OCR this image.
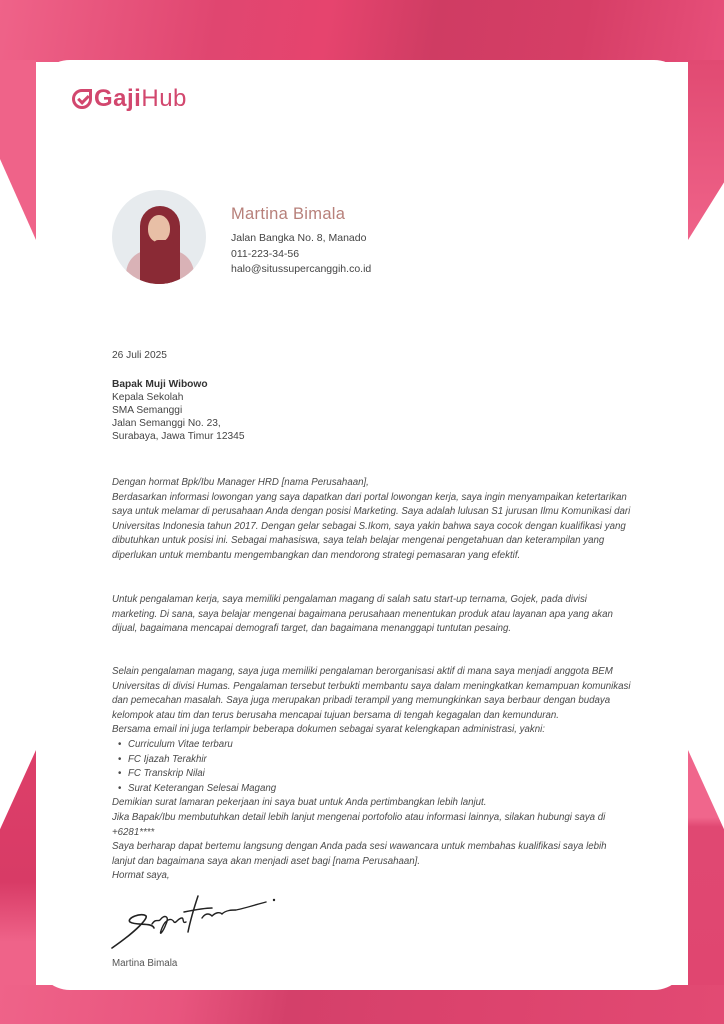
Gaji Hub
Martina Bimala
Jalan Bangka No. 8, Manado
011-223-34-56
halo@situssupercanggih.co.id
26 Juli 2025
Bapak Muji Wibowo
Kepala Sekolah
SMA Semanggi
Jalan Semanggi No. 23,
Surabaya, Jawa Timur 12345
Dengan hormat Bpk/Ibu Manager HRD [nama Perusahaan],
Berdasarkan informasi lowongan yang saya dapatkan dari portal lowongan kerja, saya ingin menyampaikan ketertarikan saya untuk melamar di perusahaan Anda dengan posisi Marketing. Saya adalah lulusan S1 jurusan Ilmu Komunikasi dari Universitas Indonesia tahun 2017. Dengan gelar sebagai S.Ikom, saya yakin bahwa saya cocok dengan kualifikasi yang dibutuhkan untuk posisi ini. Sebagai mahasiswa, saya telah belajar mengenai pengetahuan dan keterampilan yang diperlukan untuk membantu mengembangkan dan mendorong strategi pemasaran yang efektif.
Untuk pengalaman kerja, saya memiliki pengalaman magang di salah satu start-up ternama, Gojek, pada divisi marketing. Di sana, saya belajar mengenai bagaimana perusahaan menentukan produk atau layanan apa yang akan dijual, bagaimana mencapai demografi target, dan bagaimana menanggapi tuntutan pesaing.
Selain pengalaman magang, saya juga memiliki pengalaman berorganisasi aktif di mana saya menjadi anggota BEM Universitas di divisi Humas. Pengalaman tersebut terbukti membantu saya dalam meningkatkan kemampuan komunikasi dan pemecahan masalah. Saya juga merupakan pribadi terampil yang memungkinkan saya berbaur dengan budaya kelompok atau tim dan terus berusaha mencapai tujuan bersama di tengah kegagalan dan kemunduran.
Bersama email ini juga terlampir beberapa dokumen sebagai syarat kelengkapan administrasi, yakni:
• Curriculum Vitae terbaru
• FC Ijazah Terakhir
• FC Transkrip Nilai
• Surat Keterangan Selesai Magang
Demikian surat lamaran pekerjaan ini saya buat untuk Anda pertimbangkan lebih lanjut.
Jika Bapak/Ibu membutuhkan detail lebih lanjut mengenai portofolio atau informasi lainnya, silakan hubungi saya di +6281****
Saya berharap dapat bertemu langsung dengan Anda pada sesi wawancara untuk membahas kualifikasi saya lebih lanjut dan bagaimana saya akan menjadi aset bagi [nama Perusahaan].
Hormat saya,
Martina Bimala
